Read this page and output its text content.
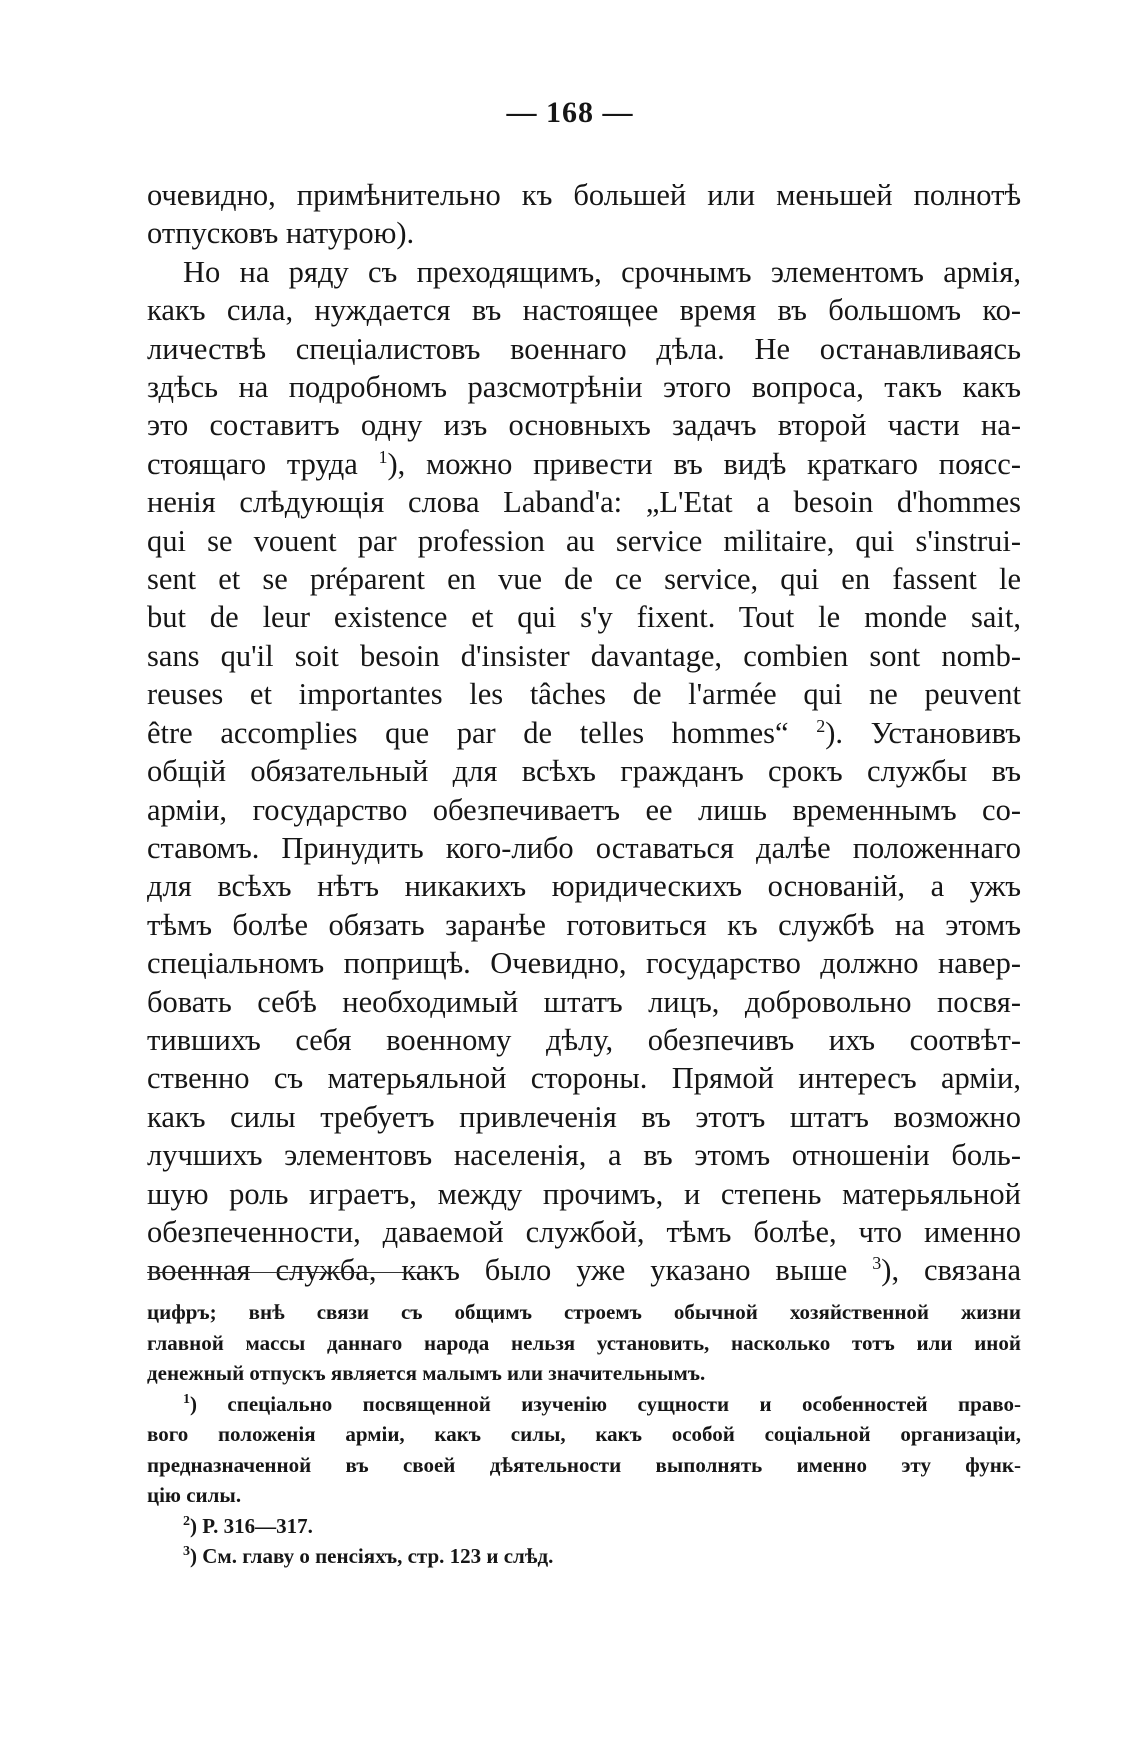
— 168 —
очевидно, примѣнительно къ большей или меньшей полнотѣ
отпусковъ натурою).
Но на ряду съ преходящимъ, срочнымъ элементомъ армія,
какъ сила, нуждается въ настоящее время въ большомъ ко-
личествѣ спеціалистовъ военнаго дѣла. Не останавливаясь
здѣсь на подробномъ разсмотрѣніи этого вопроса, такъ какъ
это составитъ одну изъ основныхъ задачъ второй части на-
стоящаго труда $^1$), можно привести въ видѣ краткаго поясс-
ненія слѣдующія слова Laband'a: „L'Etat a besoin d'hommes
qui se vouent par profession au service militaire, qui s'instrui-
sent et se préparent en vue de ce service, qui en fassent le
but de leur existence et qui s'y fixent. Tout le monde sait,
sans qu'il soit besoin d'insister davantage, combien sont nomb-
reuses et importantes les tâches de l'armée qui ne peuvent
être accomplies que par de telles hommes“ $^2$). Установивъ
общій обязательный для всѣхъ гражданъ срокъ службы въ
арміи, государство обезпечиваетъ ее лишь временнымъ со-
ставомъ. Принудить кого-либо оставаться далѣе положеннаго
для всѣхъ нѣтъ никакихъ юридическихъ основаній, а ужъ
тѣмъ болѣе обязать заранѣе готовиться къ службѣ на этомъ
спеціальномъ поприщѣ. Очевидно, государство должно навер-
бовать себѣ необходимый штатъ лицъ, добровольно посвя-
тившихъ себя военному дѣлу, обезпечивъ ихъ соотвѣт-
ственно съ матерьяльной стороны. Прямой интересъ арміи,
какъ силы требуетъ привлеченія въ этотъ штатъ возможно
лучшихъ элементовъ населенія, а въ этомъ отношеніи боль-
шую роль играетъ, между прочимъ, и степень матерьяльной
обезпеченности, даваемой службой, тѣмъ болѣе, что именно
военная служба, какъ было уже указано выше $^3$), связана
цифръ; внѣ связи съ общимъ строемъ обычной хозяйственной жизни
главной массы даннаго народа нельзя установить, насколько тотъ или иной
денежный отпускъ является малымъ или значительнымъ.
$^1$) спеціально посвященной изученію сущности и особенностей право-
вого положенія арміи, какъ силы, какъ особой соціальной организаціи,
предназначенной въ своей дѣятельности выполнять именно эту функ-
цію силы.
$^2$) P. 316—317.
$^3$) См. главу о пенсіяхъ, стр. 123 и слѣд.
